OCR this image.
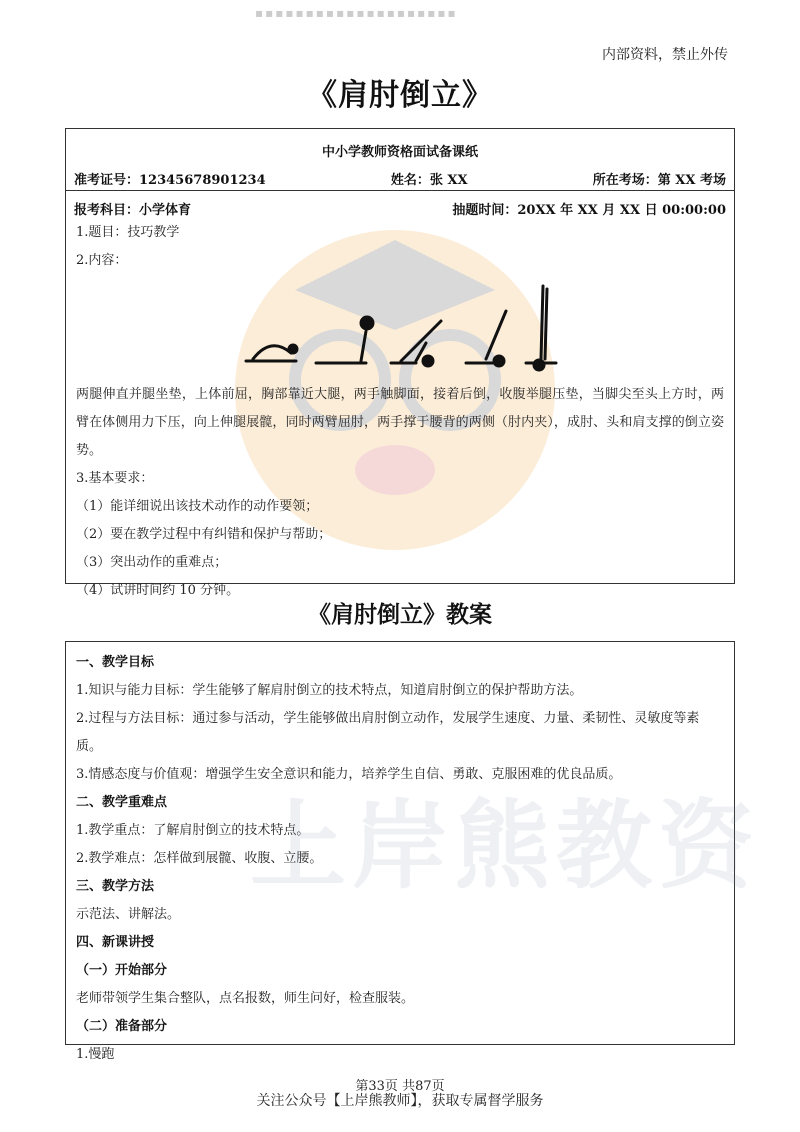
▪▪▪▪▪▪▪▪▪▪▪▪▪▪▪▪▪▪▪▪
内部资料，禁止外传
《肩肘倒立》
中小学教师资格面试备课纸
准考证号：12345678901234	姓名：张 XX	所在考场：第 XX 考场
报考科目：小学体育	抽题时间：20XX 年 XX 月 XX 日 00:00:00
1.题目：技巧教学
2.内容：
两腿伸直并腿坐垫，上体前屈，胸部靠近大腿，两手触脚面，接着后倒，收腹举腿压垫，当脚尖至头上方时，两臂在体侧用力下压，向上伸腿展髋，同时两臂屈肘，两手撑于腰背的两侧（肘内夹），成肘、头和肩支撑的倒立姿势。
3.基本要求：
（1）能详细说出该技术动作的动作要领；
（2）要在教学过程中有纠错和保护与帮助；
（3）突出动作的重难点；
（4）试讲时间约 10 分钟。
《肩肘倒立》教案
一、教学目标
1.知识与能力目标：学生能够了解肩肘倒立的技术特点，知道肩肘倒立的保护帮助方法。
2.过程与方法目标：通过参与活动，学生能够做出肩肘倒立动作，发展学生速度、力量、柔韧性、灵敏度等素质。
3.情感态度与价值观：增强学生安全意识和能力，培养学生自信、勇敢、克服困难的优良品质。
二、教学重难点
1.教学重点：了解肩肘倒立的技术特点。
2.教学难点：怎样做到展髋、收腹、立腰。
三、教学方法
示范法、讲解法。
四、新课讲授
（一）开始部分
老师带领学生集合整队，点名报数，师生问好，检查服装。
（二）准备部分
1.慢跑
上岸熊教资
第33页 共87页
关注公众号【上岸熊教师】，获取专属督学服务
